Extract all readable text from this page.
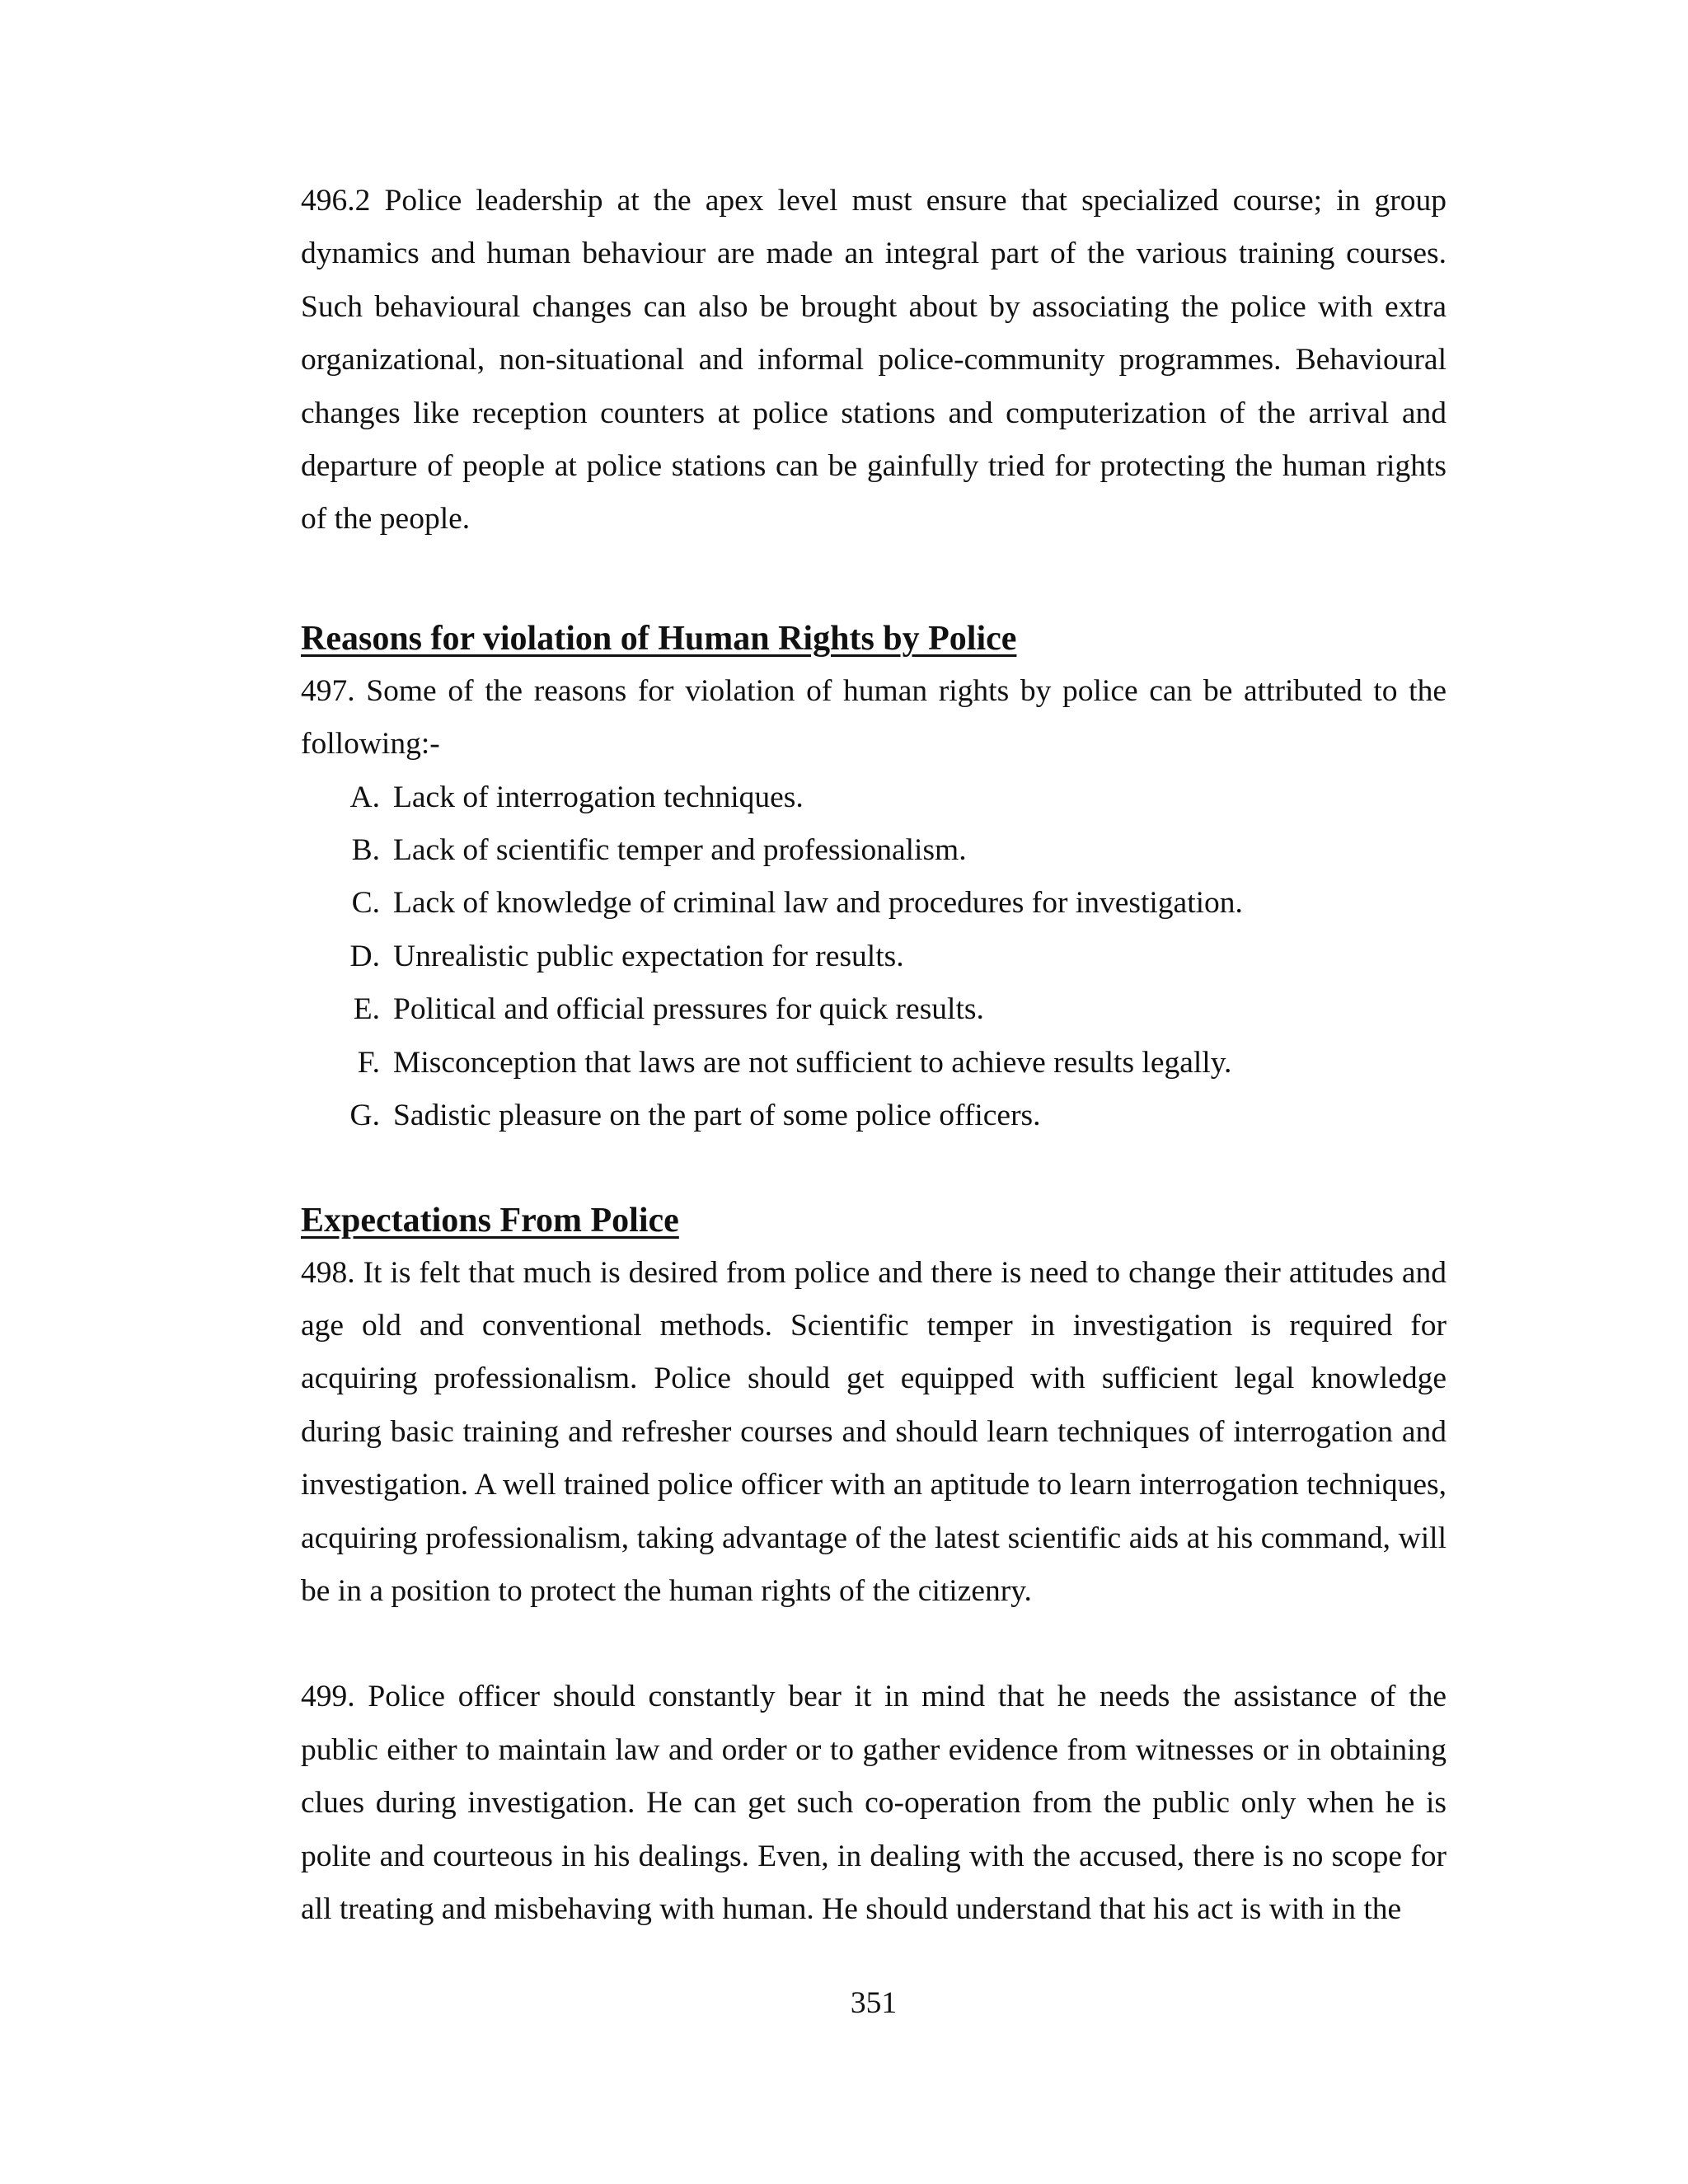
496.2 Police leadership at the apex level must ensure that specialized course; in group dynamics and human behaviour are made an integral part of the various training courses. Such behavioural changes can also be brought about by associating the police with extra organizational, non-situational and informal police-community programmes. Behavioural changes like reception counters at police stations and computerization of the arrival and departure of people at police stations can be gainfully tried for protecting the human rights of the people.

Reasons for violation of Human Rights by Police

497. Some of the reasons for violation of human rights by police can be attributed to the following:-

A. Lack of interrogation techniques.
B. Lack of scientific temper and professionalism.
C. Lack of knowledge of criminal law and procedures for investigation.
D. Unrealistic public expectation for results.
E. Political and official pressures for quick results.
F. Misconception that laws are not sufficient to achieve results legally.
G. Sadistic pleasure on the part of some police officers.
Expectations From Police

498. It is felt that much is desired from police and there is need to change their attitudes and age old and conventional methods. Scientific temper in investigation is required for acquiring professionalism. Police should get equipped with sufficient legal knowledge during basic training and refresher courses and should learn techniques of interrogation and investigation. A well trained police officer with an aptitude to learn interrogation techniques, acquiring professionalism, taking advantage of the latest scientific aids at his command, will be in a position to protect the human rights of the citizenry.

499. Police officer should constantly bear it in mind that he needs the assistance of the public either to maintain law and order or to gather evidence from witnesses or in obtaining clues during investigation. He can get such co-operation from the public only when he is polite and courteous in his dealings. Even, in dealing with the accused, there is no scope for all treating and misbehaving with human. He should understand that his act is with in the

351
